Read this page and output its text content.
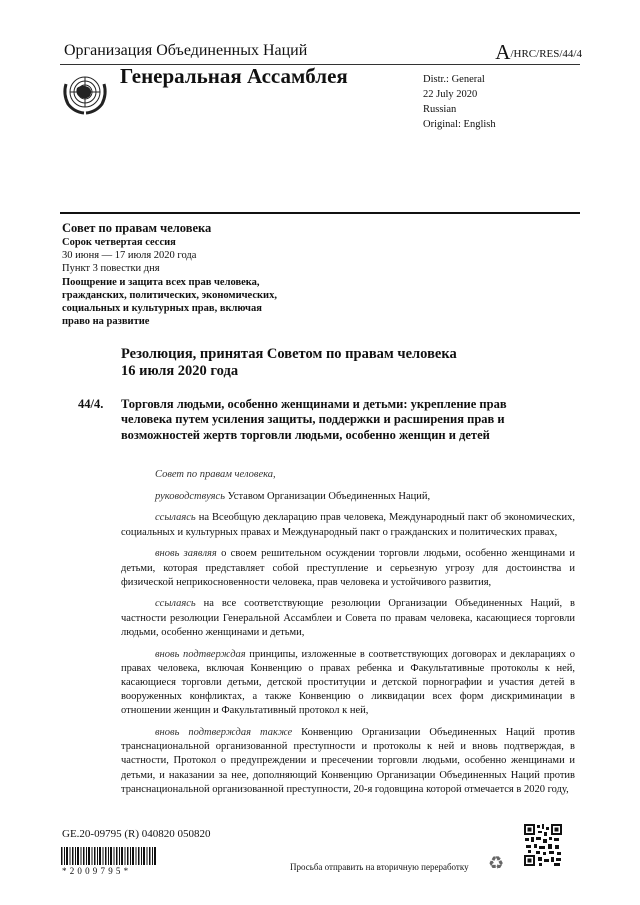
Организация Объединенных Наций	A/HRC/RES/44/4
Генеральная Ассамблея	Distr.: General
22 July 2020
Russian
Original: English
Совет по правам человека
Сорок четвертая сессия
30 июня — 17 июля 2020 года
Пункт 3 повестки дня
Поощрение и защита всех прав человека,
гражданских, политических, экономических,
социальных и культурных прав, включая
право на развитие
Резолюция, принятая Советом по правам человека
16 июля 2020 года
44/4. Торговля людьми, особенно женщинами и детьми: укрепление прав человека путем усиления защиты, поддержки и расширения прав и возможностей жертв торговли людьми, особенно женщин и детей

Совет по правам человека,

руководствуясь Уставом Организации Объединенных Наций,

ссылаясь на Всеобщую декларацию прав человека, Международный пакт об экономических, социальных и культурных правах и Международный пакт о гражданских и политических правах,

вновь заявляя о своем решительном осуждении торговли людьми, особенно женщинами и детьми, которая представляет собой преступление и серьезную угрозу для достоинства и физической неприкосновенности человека, прав человека и устойчивого развития,

ссылаясь на все соответствующие резолюции Организации Объединенных Наций, в частности резолюции Генеральной Ассамблеи и Совета по правам человека, касающиеся торговли людьми, особенно женщинами и детьми,

вновь подтверждая принципы, изложенные в соответствующих договорах и декларациях о правах человека, включая Конвенцию о правах ребенка и Факультативные протоколы к ней, касающиеся торговли детьми, детской проституции и детской порнографии и участия детей в вооруженных конфликтах, а также Конвенцию о ликвидации всех форм дискриминации в отношении женщин и Факультативный протокол к ней,

вновь подтверждая также Конвенцию Организации Объединенных Наций против транснациональной организованной преступности и протоколы к ней и вновь подтверждая, в частности, Протокол о предупреждении и пресечении торговли людьми, особенно женщинами и детьми, и наказании за нее, дополняющий Конвенцию Организации Объединенных Наций против транснациональной организованной преступности, 20-я годовщина которой отмечается в 2020 году,

GE.20-09795 (R) 040820 050820
*2009795*	Просьба отправить на вторичную переработку ♻
